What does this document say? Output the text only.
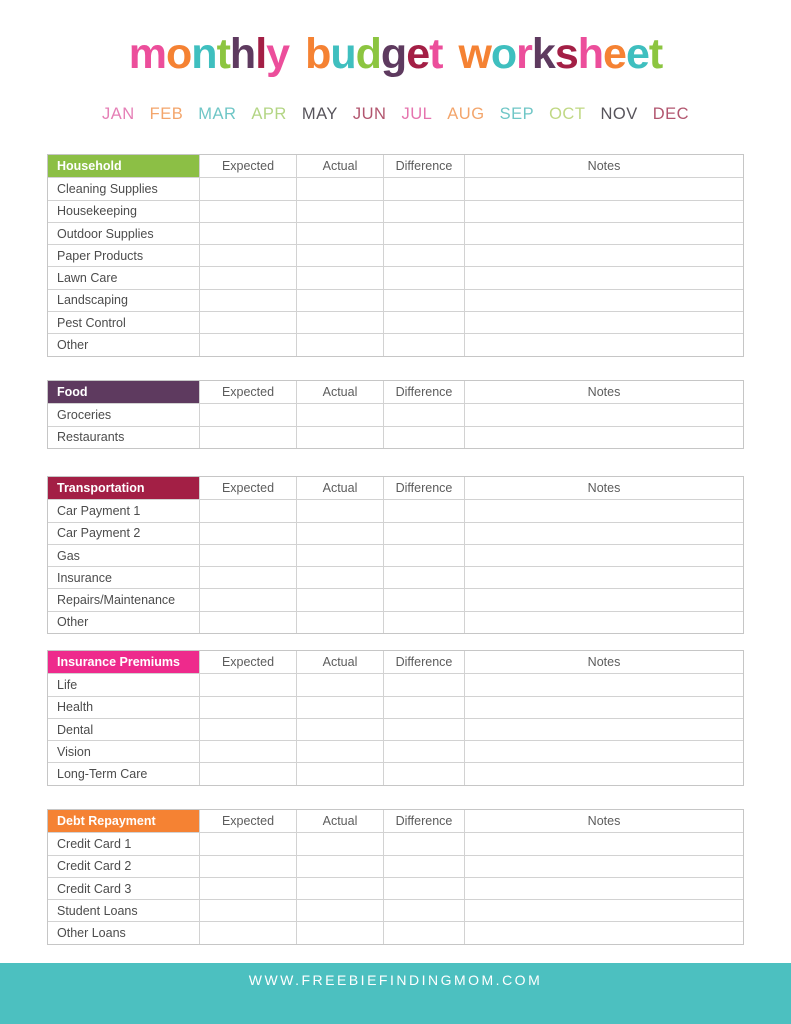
monthly budget worksheet
JAN FEB MAR APR MAY JUN JUL AUG SEP OCT NOV DEC
Household	Expected	Actual	Difference	Notes
Cleaning Supplies
Housekeeping
Outdoor Supplies
Paper Products
Lawn Care
Landscaping
Pest Control
Other
Food	Expected	Actual	Difference	Notes
Groceries
Restaurants
Transportation	Expected	Actual	Difference	Notes
Car Payment 1
Car Payment 2
Gas
Insurance
Repairs/Maintenance
Other
Insurance Premiums	Expected	Actual	Difference	Notes
Life
Health
Dental
Vision
Long-Term Care
Debt Repayment	Expected	Actual	Difference	Notes
Credit Card 1
Credit Card 2
Credit Card 3
Student Loans
Other Loans
WWW.FREEBIEFINDINGMOM.COM
